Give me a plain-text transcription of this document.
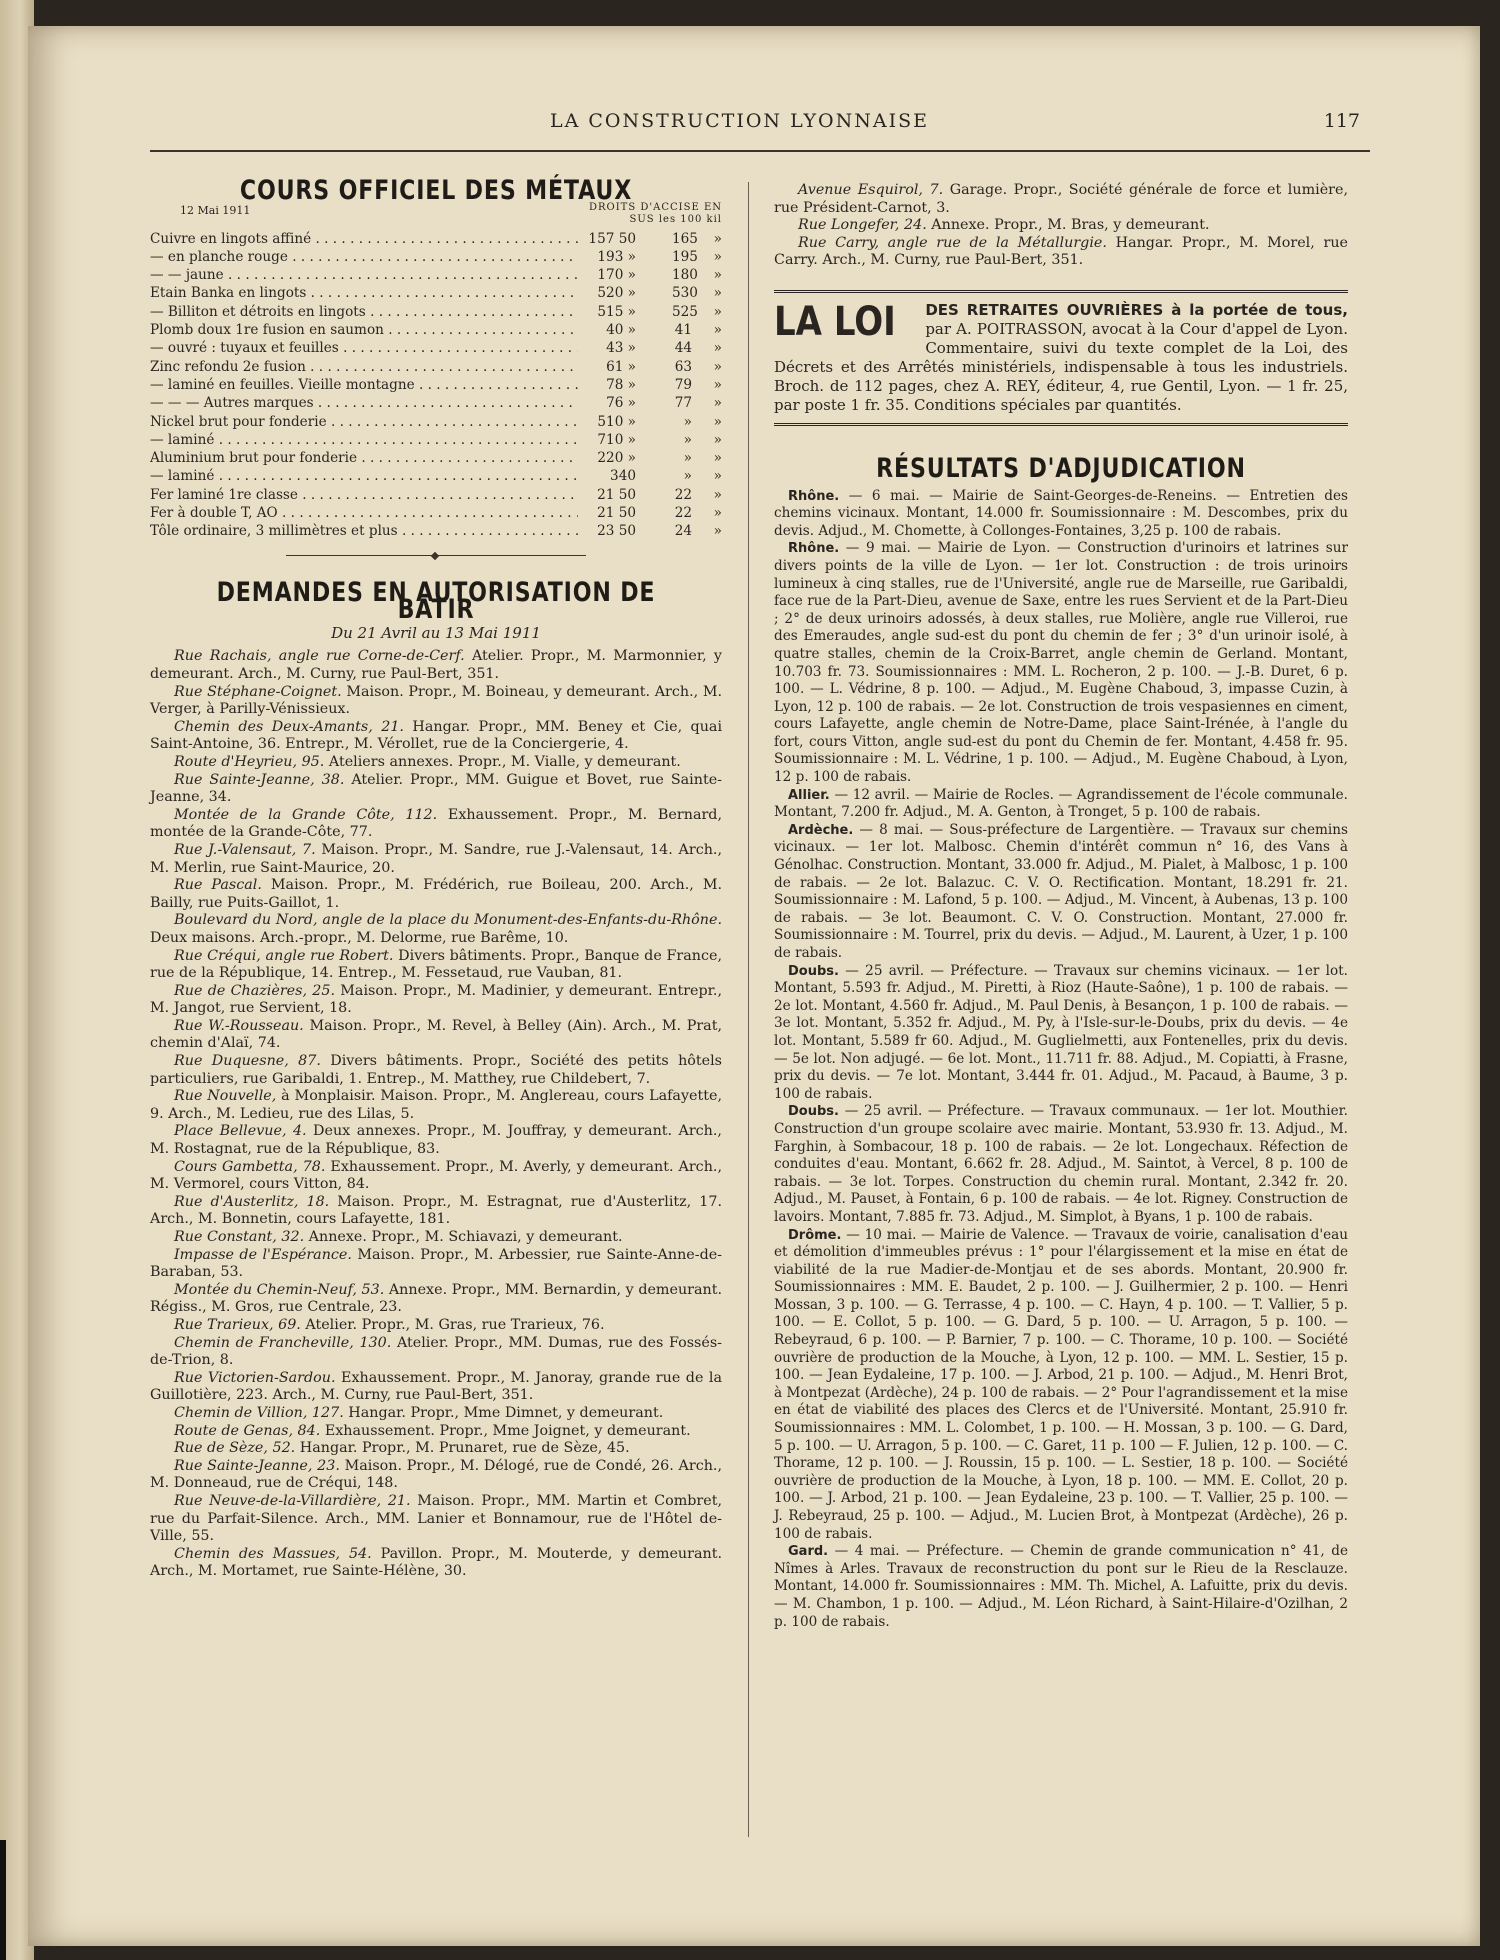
LA CONSTRUCTION LYONNAISE	117
COURS OFFICIEL DES MÉTAUX
12 Mai 1911	DROITS D'ACCISE EN SUS les 100 kil
Cuivre en lingots affiné . . .	157 50	165	»
— en planche rouge . . .	193 »	195	»
— — jaune . . .	170 »	180	»
Etain Banka en lingots . . .	520 »	530	»
— Billiton et détroits en lingots . . .	515 »	525	»
Plomb doux 1re fusion en saumon . . .	40 »	41	»
— ouvré : tuyaux et feuilles . . .	43 »	44	»
Zinc refondu 2e fusion . . .	61 »	63	»
— laminé en feuilles. Vieille montagne . . .	78 »	79	»
— — — Autres marques . . .	76 »	77	»
Nickel brut pour fonderie . . .	510 »	»	»
— laminé . . .	710 »	»	»
Aluminium brut pour fonderie . . .	220 »	»	»
— laminé . . .	340	»	»
Fer laminé 1re classe . . .	21 50	22	»
Fer à double T, AO . . .	21 50	22	»
Tôle ordinaire, 3 millimètres et plus . . .	23 50	24	»
DEMANDES EN AUTORISATION DE BATIR
Du 21 Avril au 13 Mai 1911

Rue Rachais, angle rue Corne-de-Cerf. Atelier. Propr., M. Marmonnier, y demeurant. Arch., M. Curny, rue Paul-Bert, 351.

Rue Stéphane-Coignet. Maison. Propr., M. Boineau, y demeurant. Arch., M. Verger, à Parilly-Vénissieux.

Chemin des Deux-Amants, 21. Hangar. Propr., MM. Beney et Cie, quai Saint-Antoine, 36. Entrepr., M. Vérollet, rue de la Conciergerie, 4.

Route d'Heyrieu, 95. Ateliers annexes. Propr., M. Vialle, y demeurant.

Rue Sainte-Jeanne, 38. Atelier. Propr., MM. Guigue et Bovet, rue Sainte-Jeanne, 34.

Montée de la Grande Côte, 112. Exhaussement. Propr., M. Bernard, montée de la Grande-Côte, 77.

Rue J.-Valensaut, 7. Maison. Propr., M. Sandre, rue J.-Valensaut, 14. Arch., M. Merlin, rue Saint-Maurice, 20.

Rue Pascal. Maison. Propr., M. Frédérich, rue Boileau, 200. Arch., M. Bailly, rue Puits-Gaillot, 1.

Boulevard du Nord, angle de la place du Monument-des-Enfants-du-Rhône. Deux maisons. Arch.-propr., M. Delorme, rue Barême, 10.

Rue Créqui, angle rue Robert. Divers bâtiments. Propr., Banque de France, rue de la République, 14. Entrep., M. Fessetaud, rue Vauban, 81.

Rue de Chazières, 25. Maison. Propr., M. Madinier, y demeurant. Entrepr., M. Jangot, rue Servient, 18.

Rue W.-Rousseau. Maison. Propr., M. Revel, à Belley (Ain). Arch., M. Prat, chemin d'Alaï, 74.

Rue Duquesne, 87. Divers bâtiments. Propr., Société des petits hôtels particuliers, rue Garibaldi, 1. Entrep., M. Matthey, rue Childebert, 7.

Rue Nouvelle, à Monplaisir. Maison. Propr., M. Anglereau, cours Lafayette, 9. Arch., M. Ledieu, rue des Lilas, 5.

Place Bellevue, 4. Deux annexes. Propr., M. Jouffray, y demeurant. Arch., M. Rostagnat, rue de la République, 83.

Cours Gambetta, 78. Exhaussement. Propr., M. Averly, y demeurant. Arch., M. Vermorel, cours Vitton, 84.

Rue d'Austerlitz, 18. Maison. Propr., M. Estragnat, rue d'Austerlitz, 17. Arch., M. Bonnetin, cours Lafayette, 181.

Rue Constant, 32. Annexe. Propr., M. Schiavazi, y demeurant.

Impasse de l'Espérance. Maison. Propr., M. Arbessier, rue Sainte-Anne-de-Baraban, 53.

Montée du Chemin-Neuf, 53. Annexe. Propr., MM. Bernardin, y demeurant. Régiss., M. Gros, rue Centrale, 23.

Rue Trarieux, 69. Atelier. Propr., M. Gras, rue Trarieux, 76.

Chemin de Francheville, 130. Atelier. Propr., MM. Dumas, rue des Fossés-de-Trion, 8.

Rue Victorien-Sardou. Exhaussement. Propr., M. Janoray, grande rue de la Guillotière, 223. Arch., M. Curny, rue Paul-Bert, 351.

Chemin de Villion, 127. Hangar. Propr., Mme Dimnet, y demeurant.

Route de Genas, 84. Exhaussement. Propr., Mme Joignet, y demeurant.

Rue de Sèze, 52. Hangar. Propr., M. Prunaret, rue de Sèze, 45.

Rue Sainte-Jeanne, 23. Maison. Propr., M. Délogé, rue de Condé, 26. Arch., M. Donneaud, rue de Créqui, 148.

Rue Neuve-de-la-Villardière, 21. Maison. Propr., MM. Martin et Combret, rue du Parfait-Silence. Arch., MM. Lanier et Bonnamour, rue de l'Hôtel de-Ville, 55.

Chemin des Massues, 54. Pavillon. Propr., M. Mouterde, y demeurant. Arch., M. Mortamet, rue Sainte-Hélène, 30.

Avenue Esquirol, 7. Garage. Propr., Société générale de force et lumière, rue Président-Carnot, 3.

Rue Longefer, 24. Annexe. Propr., M. Bras, y demeurant.

Rue Carry, angle rue de la Métallurgie. Hangar. Propr., M. Morel, rue Carry. Arch., M. Curny, rue Paul-Bert, 351.

LA LOI DES RETRAITES OUVRIÈRES à la portée de tous, par A. POITRASSON, avocat à la Cour d'appel de Lyon. Commentaire, suivi du texte complet de la Loi, des Décrets et des Arrêtés ministériels, indispensable à tous les industriels. Broch. de 112 pages, chez A. REY, éditeur, 4, rue Gentil, Lyon. — 1 fr. 25, par poste 1 fr. 35. Conditions spéciales par quantités.
RÉSULTATS D'ADJUDICATION

Rhône. — 6 mai. — Mairie de Saint-Georges-de-Reneins. — Entretien des chemins vicinaux. Montant, 14.000 fr. Soumissionnaire : M. Descombes, prix du devis. Adjud., M. Chomette, à Collonges-Fontaines, 3,25 p. 100 de rabais.

Rhône. — 9 mai. — Mairie de Lyon. — Construction d'urinoirs et latrines sur divers points de la ville de Lyon. — 1er lot. Construction : de trois urinoirs lumineux à cinq stalles, rue de l'Université, angle rue de Marseille, rue Garibaldi, face rue de la Part-Dieu, avenue de Saxe, entre les rues Servient et de la Part-Dieu ; 2° de deux urinoirs adossés, à deux stalles, rue Molière, angle rue Villeroi, rue des Emeraudes, angle sud-est du pont du chemin de fer ; 3° d'un urinoir isolé, à quatre stalles, chemin de la Croix-Barret, angle chemin de Gerland. Montant, 10.703 fr. 73. Soumissionnaires : MM. L. Rocheron, 2 p. 100. — J.-B. Duret, 6 p. 100. — L. Védrine, 8 p. 100. — Adjud., M. Eugène Chaboud, 3, impasse Cuzin, à Lyon, 12 p. 100 de rabais. — 2e lot. Construction de trois vespasiennes en ciment, cours Lafayette, angle chemin de Notre-Dame, place Saint-Irénée, à l'angle du fort, cours Vitton, angle sud-est du pont du Chemin de fer. Montant, 4.458 fr. 95. Soumissionnaire : M. L. Védrine, 1 p. 100. — Adjud., M. Eugène Chaboud, à Lyon, 12 p. 100 de rabais.

Allier. — 12 avril. — Mairie de Rocles. — Agrandissement de l'école communale. Montant, 7.200 fr. Adjud., M. A. Genton, à Tronget, 5 p. 100 de rabais.

Ardèche. — 8 mai. — Sous-préfecture de Largentière. — Travaux sur chemins vicinaux. — 1er lot. Malbosc. Chemin d'intérêt commun n° 16, des Vans à Génolhac. Construction. Montant, 33.000 fr. Adjud., M. Pialet, à Malbosc, 1 p. 100 de rabais. — 2e lot. Balazuc. C. V. O. Rectification. Montant, 18.291 fr. 21. Soumissionnaire : M. Lafond, 5 p. 100. — Adjud., M. Vincent, à Aubenas, 13 p. 100 de rabais. — 3e lot. Beaumont. C. V. O. Construction. Montant, 27.000 fr. Soumissionnaire : M. Tourrel, prix du devis. — Adjud., M. Laurent, à Uzer, 1 p. 100 de rabais.

Doubs. — 25 avril. — Préfecture. — Travaux sur chemins vicinaux. — 1er lot. Montant, 5.593 fr. Adjud., M. Piretti, à Rioz (Haute-Saône), 1 p. 100 de rabais. — 2e lot. Montant, 4.560 fr. Adjud., M. Paul Denis, à Besançon, 1 p. 100 de rabais. — 3e lot. Montant, 5.352 fr. Adjud., M. Py, à l'Isle-sur-le-Doubs, prix du devis. — 4e lot. Montant, 5.589 fr 60. Adjud., M. Guglielmetti, aux Fontenelles, prix du devis. — 5e lot. Non adjugé. — 6e lot. Mont., 11.711 fr. 88. Adjud., M. Copiatti, à Frasne, prix du devis. — 7e lot. Montant, 3.444 fr. 01. Adjud., M. Pacaud, à Baume, 3 p. 100 de rabais.

Doubs. — 25 avril. — Préfecture. — Travaux communaux. — 1er lot. Mouthier. Construction d'un groupe scolaire avec mairie. Montant, 53.930 fr. 13. Adjud., M. Farghin, à Sombacour, 18 p. 100 de rabais. — 2e lot. Longechaux. Réfection de conduites d'eau. Montant, 6.662 fr. 28. Adjud., M. Saintot, à Vercel, 8 p. 100 de rabais. — 3e lot. Torpes. Construction du chemin rural. Montant, 2.342 fr. 20. Adjud., M. Pauset, à Fontain, 6 p. 100 de rabais. — 4e lot. Rigney. Construction de lavoirs. Montant, 7.885 fr. 73. Adjud., M. Simplot, à Byans, 1 p. 100 de rabais.

Drôme. — 10 mai. — Mairie de Valence. — Travaux de voirie, canalisation d'eau et démolition d'immeubles prévus : 1° pour l'élargissement et la mise en état de viabilité de la rue Madier-de-Montjau et de ses abords. Montant, 20.900 fr. Soumissionnaires : MM. E. Baudet, 2 p. 100. — J. Guilhermier, 2 p. 100. — Henri Mossan, 3 p. 100. — G. Terrasse, 4 p. 100. — C. Hayn, 4 p. 100. — T. Vallier, 5 p. 100. — E. Collot, 5 p. 100. — G. Dard, 5 p. 100. — U. Arragon, 5 p. 100. — Rebeyraud, 6 p. 100. — P. Barnier, 7 p. 100. — C. Thorame, 10 p. 100. — Société ouvrière de production de la Mouche, à Lyon, 12 p. 100. — MM. L. Sestier, 15 p. 100. — Jean Eydaleine, 17 p. 100. — J. Arbod, 21 p. 100. — Adjud., M. Henri Brot, à Montpezat (Ardèche), 24 p. 100 de rabais. — 2° Pour l'agrandissement et la mise en état de viabilité des places des Clercs et de l'Université. Montant, 25.910 fr. Soumissionnaires : MM. L. Colombet, 1 p. 100. — H. Mossan, 3 p. 100. — G. Dard, 5 p. 100. — U. Arragon, 5 p. 100. — C. Garet, 11 p. 100 — F. Julien, 12 p. 100. — C. Thorame, 12 p. 100. — J. Roussin, 15 p. 100. — L. Sestier, 18 p. 100. — Société ouvrière de production de la Mouche, à Lyon, 18 p. 100. — MM. E. Collot, 20 p. 100. — J. Arbod, 21 p. 100. — Jean Eydaleine, 23 p. 100. — T. Vallier, 25 p. 100. — J. Rebeyraud, 25 p. 100. — Adjud., M. Lucien Brot, à Montpezat (Ardèche), 26 p. 100 de rabais.

Gard. — 4 mai. — Préfecture. — Chemin de grande communication n° 41, de Nîmes à Arles. Travaux de reconstruction du pont sur le Rieu de la Resclauze. Montant, 14.000 fr. Soumissionnaires : MM. Th. Michel, A. Lafuitte, prix du devis. — M. Chambon, 1 p. 100. — Adjud., M. Léon Richard, à Saint-Hilaire-d'Ozilhan, 2 p. 100 de rabais.
